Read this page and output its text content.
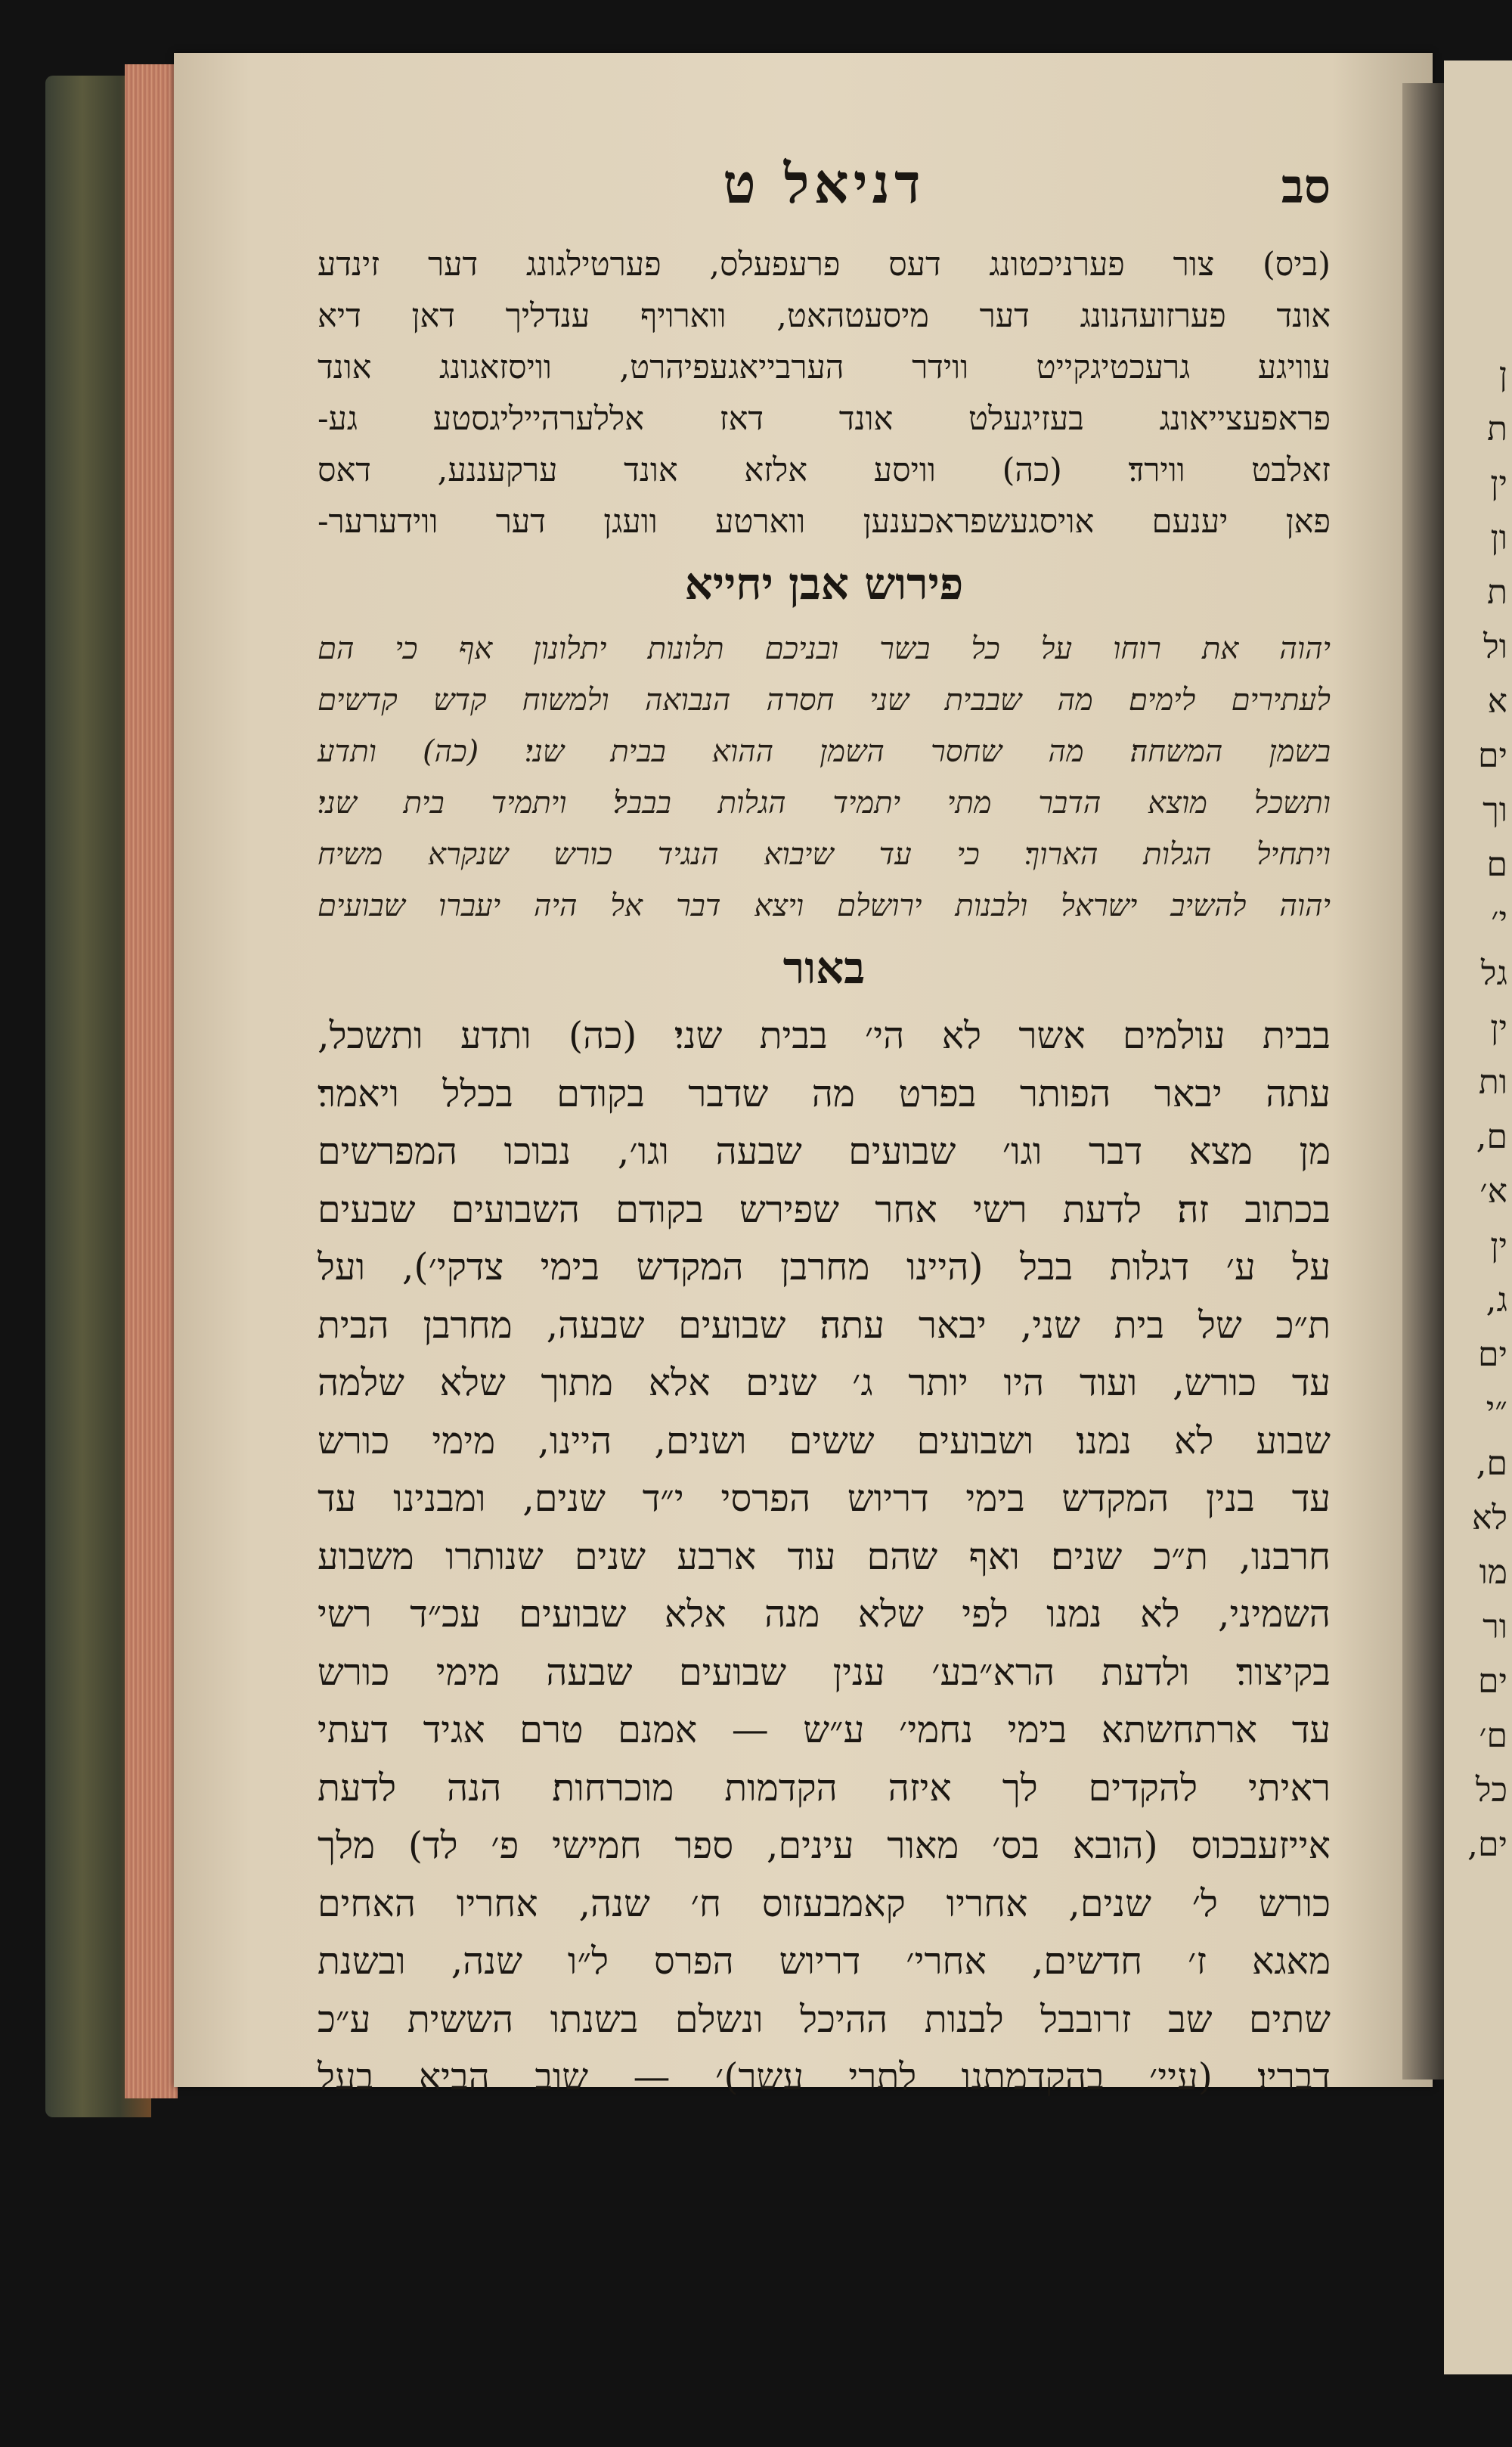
ן
ת
ין
ון
ת
ול
א
ים
וך
ם
י׳
גל
ין
ות
ם,
א׳
ין
ג,
ים
״י
ם,
לא
מו
ור
ים
ם׳
כל
ים,
סב
דניאל ט
(ביס) צור פערניכטונג דעס פרעפעלס, פערטילגונג דער זינדע
אונד פערזועהנונג דער מיסעטהאט, ווארויף ענדליך דאן דיא
עוויגע גרעכטיגקייט ווידר הערבייאגעפיהרט, וויסזאגונג אונד
פראפעצייאונג בעזיגעלט אונד דאז אללערהייליגסטע גע-
זאלבט ווירד׃ (כה) וויסע אלזא אונד ערקעננע, דאס
פאן יענעם אויסגעשפראכענען ווארטע וועגן דער ווידערער-
פירוש אבן יחייא
יהוה את רוחו על כל בשר ובניכם תלונות יתלונון אף כי הם
לעתירים לימים׃ מה שבבית שני חסרה הנבואה ולמשוח קדש קדשים
בשמן המשחה׃ מה שחסר השמן ההוא בבית שני׃ (כה) ותדע
ותשכל מוצא הדבר מתי יתמיד הגלות בבבל׃ ויתמיד בית שני׃
ויתחיל הגלות הארוך׃ כי עד שיבוא הנגיד כורש שנקרא משיח
יהוה להשיב ישראל ולבנות ירושלם ויצא דבר אל היה יעברו שבועים
באור
בבית עולמים אשר לא הי׳ בבית שני׃ (כה) ותדע ותשכל,
עתה יבאר הפותר בפרט מה שדבר בקודם בכלל ויאמר׃
מן מצא דבר וגו׳ שבועים שבעה וגו׳, נבוכו המפרשים
בכתוב זה׃ לדעת רשי אחר שפירש בקודם השבועים שבעים
על ע׳ דגלות בבל (היינו מחרבן המקדש בימי צדקי׳), ועל
ת״כ של בית שני, יבאר עתה׃ שבועים שבעה, מחרבן הבית
עד כורש, ועוד היו יותר ג׳ שנים אלא מתוך שלא שלמה
שבוע לא נמנו׃ ושבועים ששים ושנים, היינו, מימי כורש
עד בנין המקדש בימי דריוש הפרסי י״ד שנים, ומבנינו עד
חרבנו, ת״כ שנים׃ ואף שהם עוד ארבע שנים שנותרו משבוע
השמיני, לא נמנו לפי שלא מנה אלא שבועים עכ״ד רשי
בקיצור׃ ולדעת הרא״בע׳ ענין שבועים שבעה מימי כורש
עד ארתחשתא בימי נחמי׳ ע״ש — אמנם טרם אגיד דעתי
ראיתי להקדים לך איזה הקדמות מוכרחות׃ הנה לדעת
אייזעבכוס (הובא בס׳ מאור עינים, ספר חמישי פ׳ לד) מלך
כורש ל׳ שנים, אחריו קאמבעזוס ח׳ שנה, אחריו האחים
מאגא ז׳ חדשים, אחרי׳ דריוש הפרס ל״ו שנה, ובשנת
שתים שב זרובבל לבנות ההיכל ונשלם בשנתו הששית ע״כ
דבריו׃ (עיי׳ בהקדמתנו לתרי עשר)׳ — שוב הביא בעל
